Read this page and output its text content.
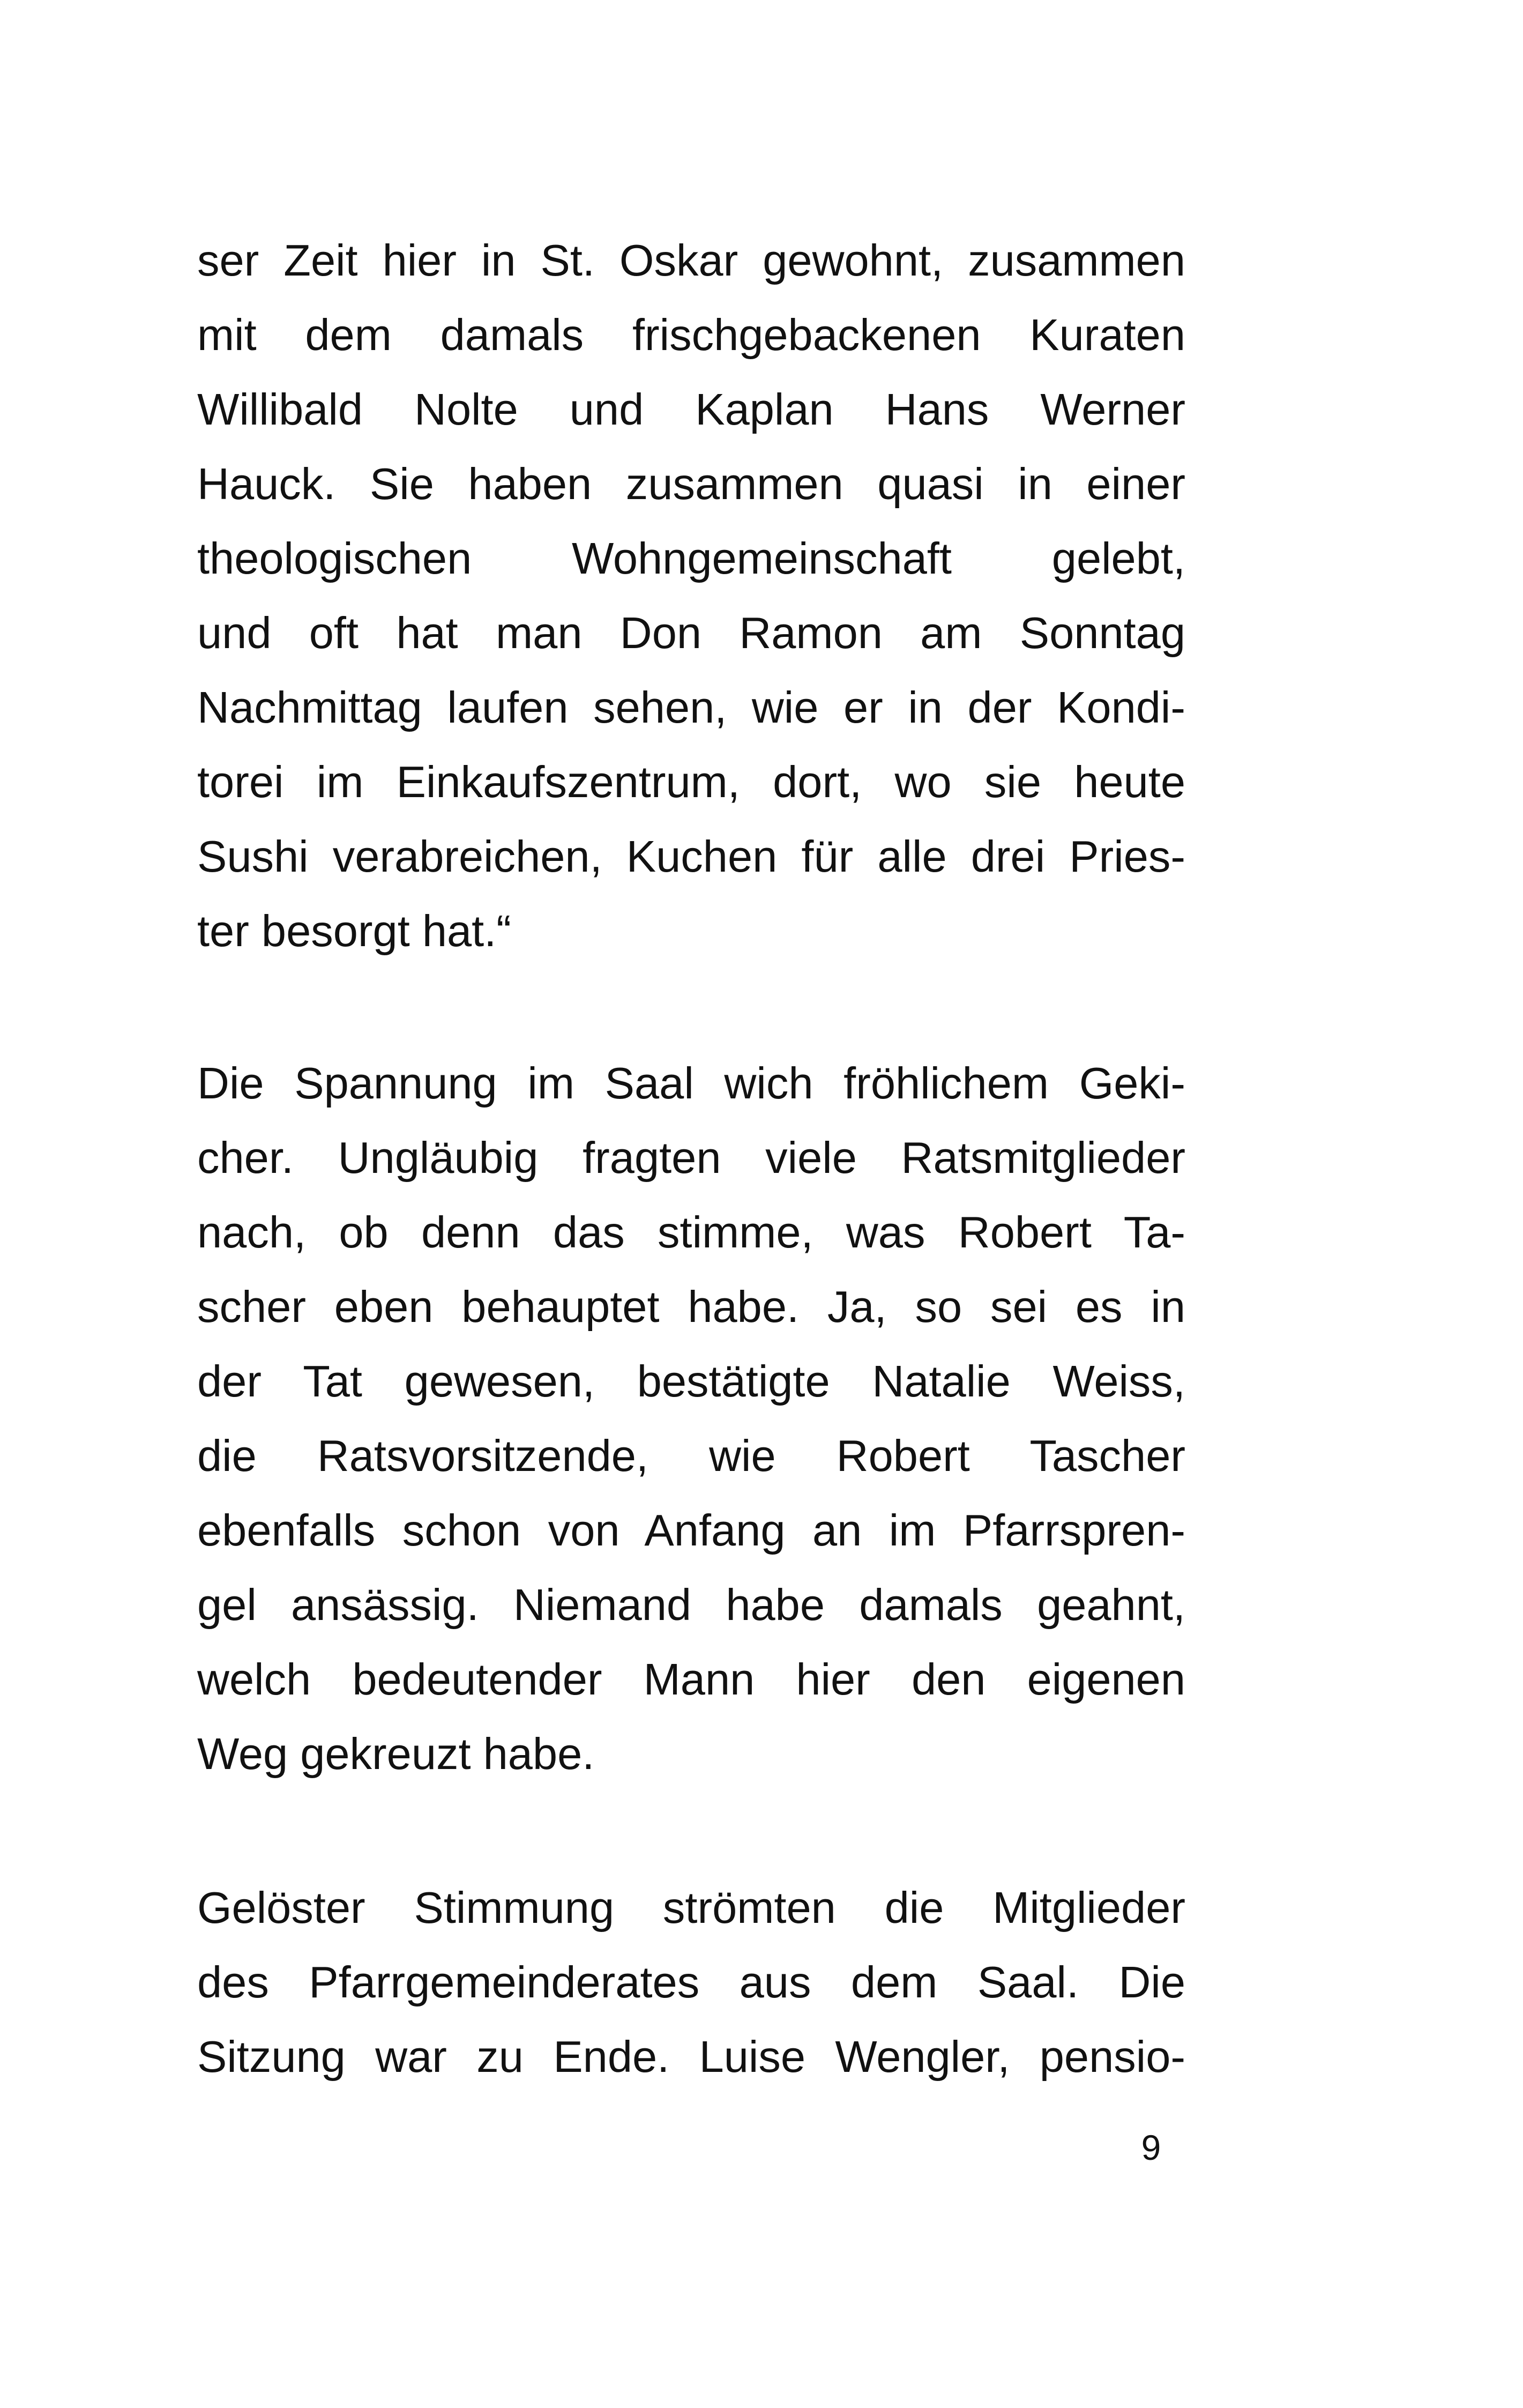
ser Zeit hier in St. Oskar gewohnt, zusammen
mit dem damals frischgebackenen Kuraten
Willibald Nolte und Kaplan Hans Werner
Hauck. Sie haben zusammen quasi in einer
theologischen Wohngemeinschaft gelebt,
und oft hat man Don Ramon am Sonntag
Nachmittag laufen sehen, wie er in der Kondi-
torei im Einkaufszentrum, dort, wo sie heute
Sushi verabreichen, Kuchen für alle drei Pries-
ter besorgt hat.“
Die Spannung im Saal wich fröhlichem Geki-
cher. Ungläubig fragten viele Ratsmitglieder
nach, ob denn das stimme, was Robert Ta-
scher eben behauptet habe. Ja, so sei es in
der Tat gewesen, bestätigte Natalie Weiss,
die Ratsvorsitzende, wie Robert Tascher
ebenfalls schon von Anfang an im Pfarrspren-
gel ansässig. Niemand habe damals geahnt,
welch bedeutender Mann hier den eigenen
Weg gekreuzt habe.
Gelöster Stimmung strömten die Mitglieder
des Pfarrgemeinderates aus dem Saal. Die
Sitzung war zu Ende. Luise Wengler, pensio-
9
